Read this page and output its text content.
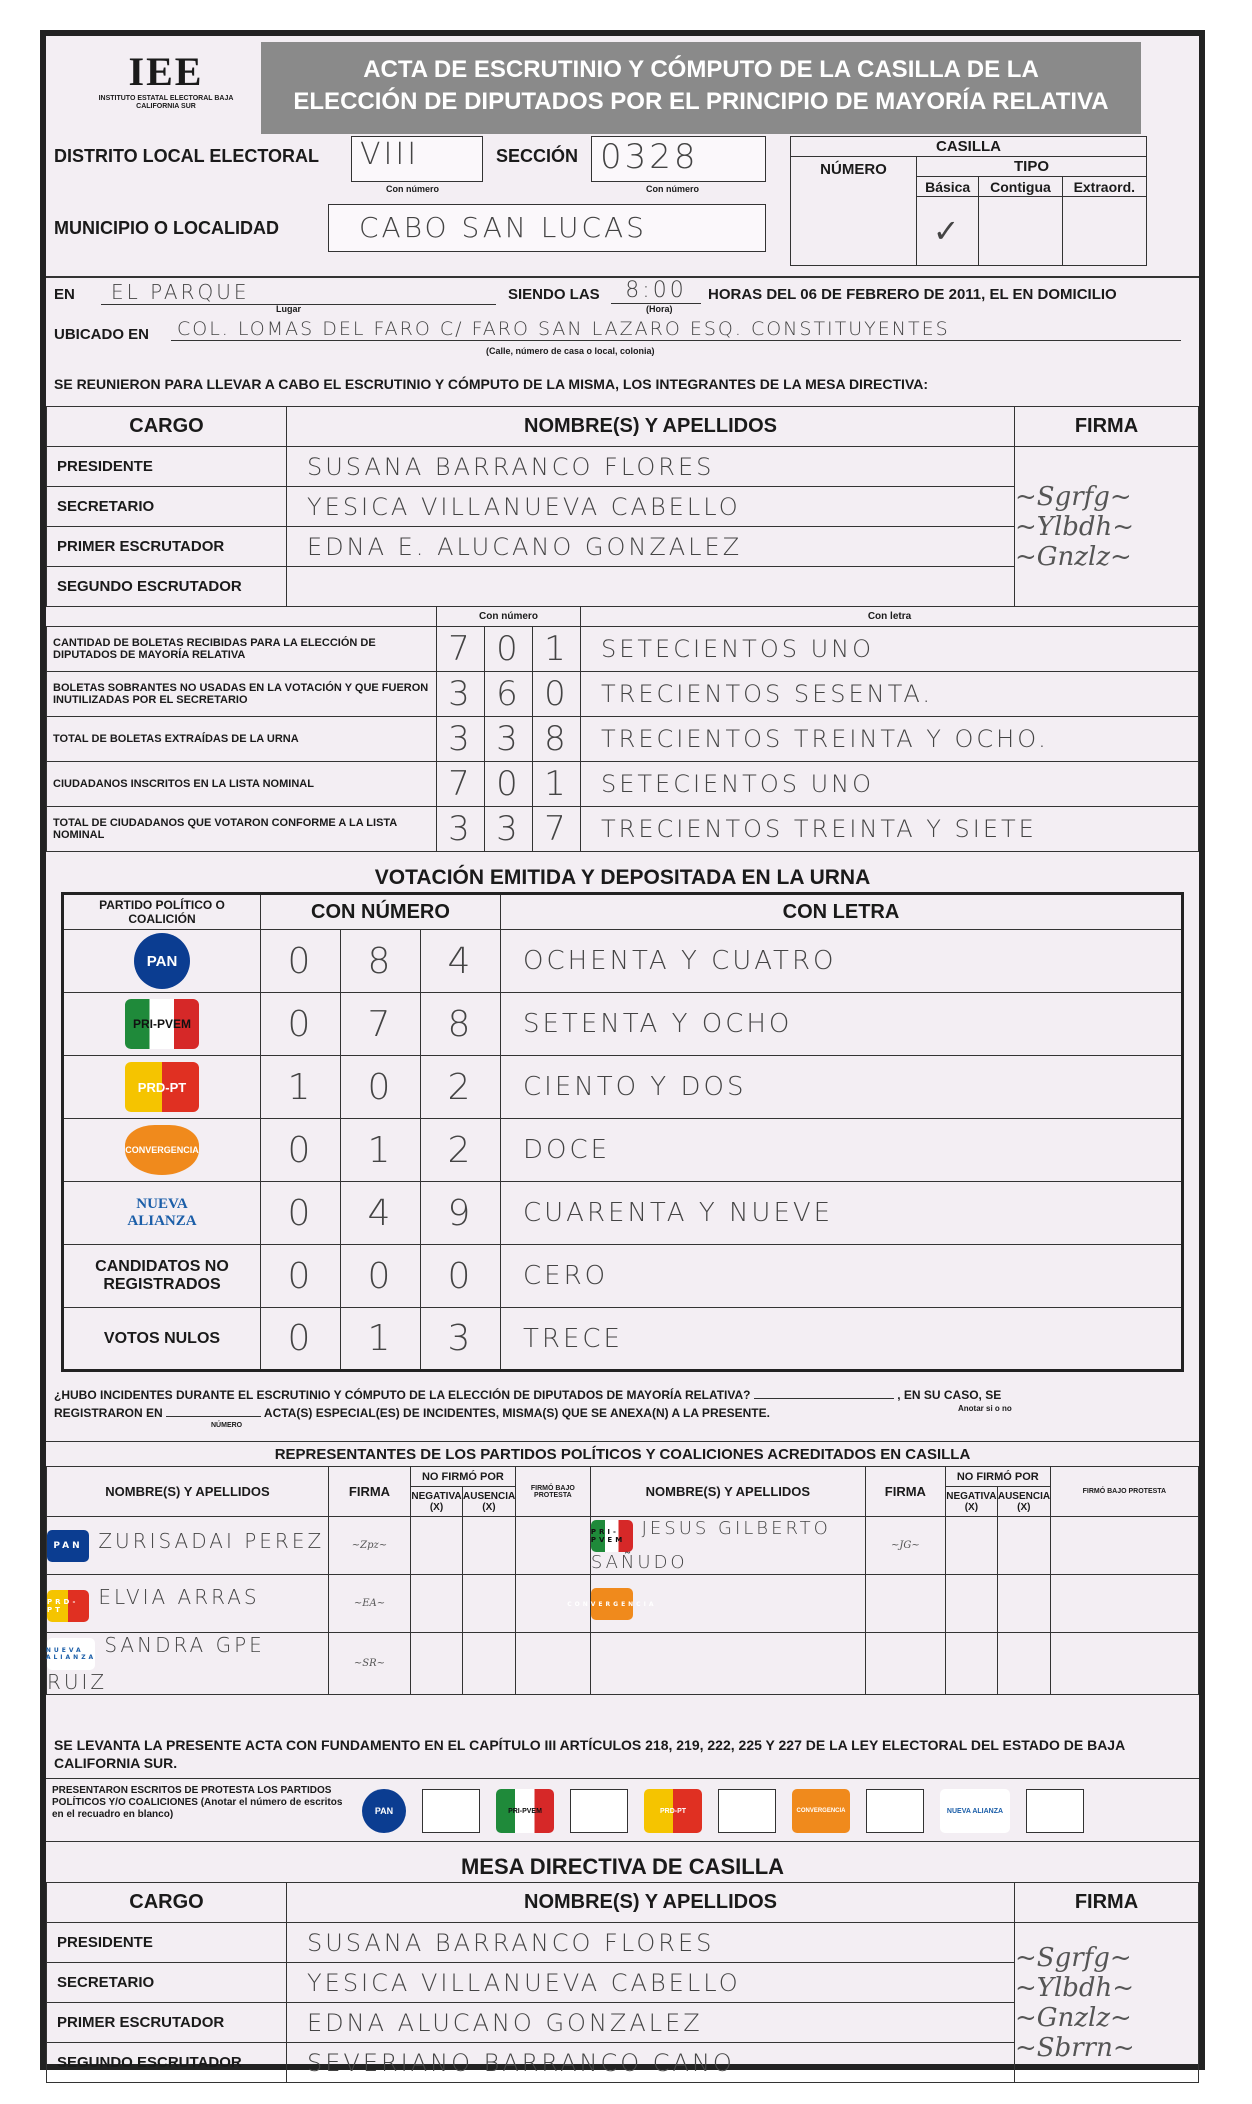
IEE
INSTITUTO ESTATAL ELECTORAL BAJA CALIFORNIA SUR
ACTA DE ESCRUTINIO Y CÓMPUTO DE LA CASILLA DE LA
ELECCIÓN DE DIPUTADOS POR EL PRINCIPIO DE MAYORÍA RELATIVA
DISTRITO LOCAL ELECTORAL	VIII
Con número
SECCIÓN 0328
Con número
MUNICIPIO O LOCALIDAD	CABO SAN LUCAS
CASILLA			
NÚMERO	TIPO		
	Básica	Contigua	Extraord.
	✓		
EN	EL PARQUE
Lugar
SIENDO LAS	8:00
(Hora)
HORAS DEL 06 DE FEBRERO DE 2011, EL EN DOMICILIO
UBICADO EN	COL. LOMAS DEL FARO C/ FARO SAN LAZARO ESQ. CONSTITUYENTES
(Calle, número de casa o local, colonia)
SE REUNIERON PARA LLEVAR A CABO EL ESCRUTINIO Y CÓMPUTO DE LA MISMA, LOS INTEGRANTES DE LA MESA DIRECTIVA:
CARGO	NOMBRE(S) Y APELLIDOS	FIRMA
PRESIDENTE	SUSANA BARRANCO FLORES	~Sgrfg~
~Ylbdh~
~Gnzlz~

SECRETARIO	YESICA VILLANUEVA CABELLO	
PRIMER ESCRUTADOR	EDNA E. ALUCANO GONZALEZ	
SEGUNDO ESCRUTADOR		
	Con número			Con letra
CANTIDAD DE BOLETAS RECIBIDAS PARA LA ELECCIÓN DE DIPUTADOS DE MAYORÍA RELATIVA	7	0	1	SETECIENTOS UNO
BOLETAS SOBRANTES NO USADAS EN LA VOTACIÓN Y QUE FUERON INUTILIZADAS POR EL SECRETARIO	3	6	0	TRECIENTOS SESENTA.
TOTAL DE BOLETAS EXTRAÍDAS DE LA URNA	3	3	8	TRECIENTOS TREINTA Y OCHO.
CIUDADANOS INSCRITOS EN LA LISTA NOMINAL	7	0	1	SETECIENTOS UNO
TOTAL DE CIUDADANOS QUE VOTARON CONFORME A LA LISTA NOMINAL	3	3	7	TRECIENTOS TREINTA Y SIETE
VOTACIÓN EMITIDA Y DEPOSITADA EN LA URNA
PARTIDO POLÍTICO O COALICIÓN	CON NÚMERO			CON LETRA
PAN	0	8	4	OCHENTA Y CUATRO
PRI-PVEM	0	7	8	SETENTA Y OCHO
PRD-PT	1	0	2	CIENTO Y DOS
CONVERGENCIA	0	1	2	DOCE
NUEVA ALIANZA	0	4	9	CUARENTA Y NUEVE
CANDIDATOS NO REGISTRADOS	0	0	0	CERO
VOTOS NULOS	0	1	3	TRECE
¿HUBO INCIDENTES DURANTE EL ESCRUTINIO Y CÓMPUTO DE LA ELECCIÓN DE DIPUTADOS DE MAYORÍA RELATIVA?	, EN SU CASO, SE
REGISTRARON EN	ACTA(S) ESPECIAL(ES) DE INCIDENTES, MISMA(S) QUE SE ANEXA(N) A LA PRESENTE.
NÚMERO
Anotar si o no
REPRESENTANTES DE LOS PARTIDOS POLÍTICOS Y COALICIONES ACREDITADOS EN CASILLA
NOMBRE(S) Y APELLIDOS	FIRMA	NO FIRMÓ POR		FIRMÓ BAJO PROTESTA	NOMBRE(S) Y APELLIDOS	FIRMA	NO FIRMÓ POR		FIRMÓ BAJO PROTESTA
		NEGATIVA (X)	AUSENCIA (X)				NEGATIVA (X)	AUSENCIA (X)	
PAN ZURISADAI PEREZ	~Zpz~				PRI-PVEM JESUS GILBERTO SAÑUDO	~JG~			
PRD-PT ELVIA ARRAS	~EA~				CONVERGENCIA				
NUEVA ALIANZA SANDRA GPE RUIZ	~SR~								
SE LEVANTA LA PRESENTE ACTA CON FUNDAMENTO EN EL CAPÍTULO III ARTÍCULOS 218, 219, 222, 225 Y 227 DE LA LEY ELECTORAL DEL ESTADO DE BAJA CALIFORNIA SUR.
PRESENTARON ESCRITOS DE PROTESTA LOS PARTIDOS POLÍTICOS Y/O COALICIONES (Anotar el número de escritos en el recuadro en blanco)	PAN	PRI-PVEM	PRD-PT	CONVERGENCIA	NUEVA ALIANZA
MESA DIRECTIVA DE CASILLA
CARGO	NOMBRE(S) Y APELLIDOS	FIRMA
PRESIDENTE	SUSANA BARRANCO FLORES	~Sgrfg~
~Ylbdh~
~Gnzlz~
~Sbrrn~

SECRETARIO	YESICA VILLANUEVA CABELLO	
PRIMER ESCRUTADOR	EDNA ALUCANO GONZALEZ	
SEGUNDO ESCRUTADOR	SEVERIANO BARRANCO CANO	
